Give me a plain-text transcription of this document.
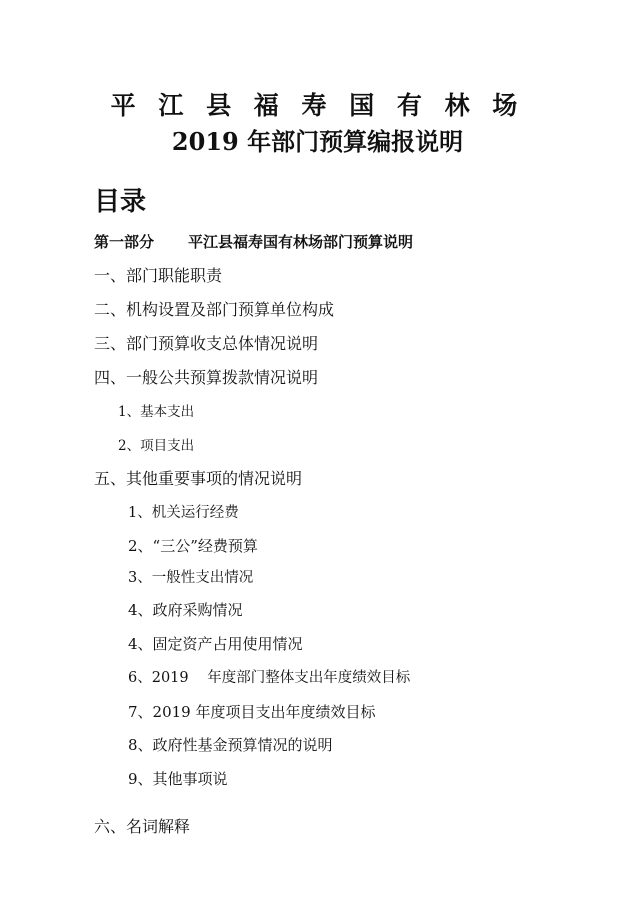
平 江 县 福 寿 国 有 林 场
2019 年部门预算编报说明
目录
第一部分 平江县福寿国有林场部门预算说明
一、部门职能职责
二、机构设置及部门预算单位构成
三、部门预算收支总体情况说明
四、一般公共预算拨款情况说明
1、基本支出
2、项目支出
五、其他重要事项的情况说明
1、机关运行经费
2、“三公”经费预算
3、一般性支出情况
4、政府采购情况
4、固定资产占用使用情况
6、2019 年度部门整体支出年度绩效目标
7、2019 年度项目支出年度绩效目标
8、政府性基金预算情况的说明
9、其他事项说
六、名词解释
